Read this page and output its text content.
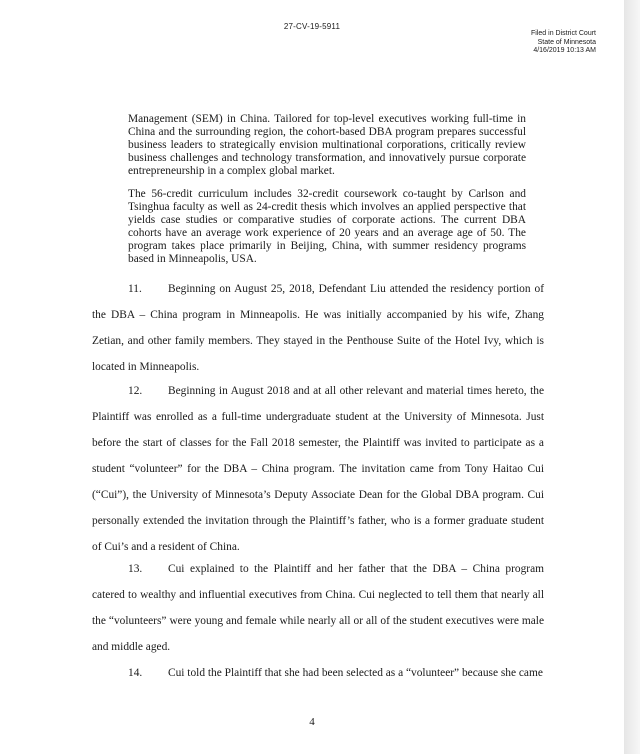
27-CV-19-5911
Filed in District Court
State of Minnesota
4/16/2019 10:13 AM

Management (SEM) in China. Tailored for top-level executives working full-time in China and the surrounding region, the cohort-based DBA program prepares successful business leaders to strategically envision multinational corporations, critically review business challenges and technology transformation, and innovatively pursue corporate entrepreneurship in a complex global market.

The 56-credit curriculum includes 32-credit coursework co-taught by Carlson and Tsinghua faculty as well as 24-credit thesis which involves an applied perspective that yields case studies or comparative studies of corporate actions. The current DBA cohorts have an average work experience of 20 years and an average age of 50. The program takes place primarily in Beijing, China, with summer residency programs based in Minneapolis, USA.

11. Beginning on August 25, 2018, Defendant Liu attended the residency portion of the DBA – China program in Minneapolis. He was initially accompanied by his wife, Zhang Zetian, and other family members. They stayed in the Penthouse Suite of the Hotel Ivy, which is located in Minneapolis.

12. Beginning in August 2018 and at all other relevant and material times hereto, the Plaintiff was enrolled as a full-time undergraduate student at the University of Minnesota. Just before the start of classes for the Fall 2018 semester, the Plaintiff was invited to participate as a student “volunteer” for the DBA – China program. The invitation came from Tony Haitao Cui (“Cui”), the University of Minnesota’s Deputy Associate Dean for the Global DBA program. Cui personally extended the invitation through the Plaintiff’s father, who is a former graduate student of Cui’s and a resident of China.

13. Cui explained to the Plaintiff and her father that the DBA – China program catered to wealthy and influential executives from China. Cui neglected to tell them that nearly all the “volunteers” were young and female while nearly all or all of the student executives were male and middle aged.

14. Cui told the Plaintiff that she had been selected as a “volunteer” because she came

4
